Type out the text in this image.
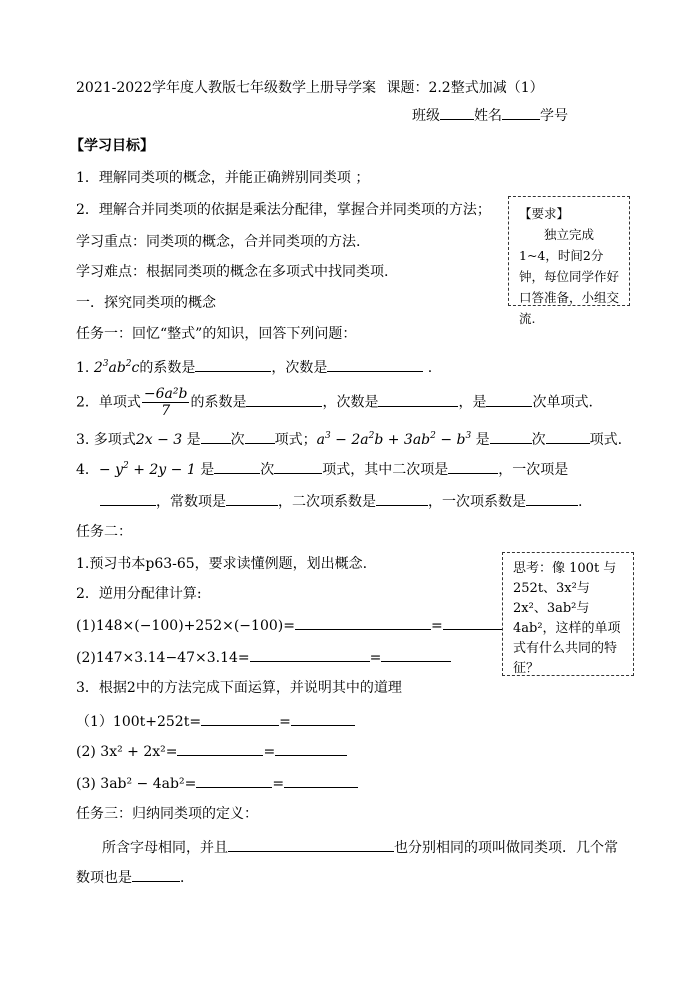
2021-2022学年度人教版七年级数学上册导学案 课题：2.2整式加减（1）
班级 姓名	学号
【学习目标】
1．理解同类项的概念，并能正确辨别同类项 ；
2．理解合并同类项的依据是乘法分配律，掌握合并同类项的方法；
学习重点：同类项的概念，合并同类项的方法.
学习难点：根据同类项的概念在多项式中找同类项.
一．探究同类项的概念
【要求】
独立完成1~4，时间2分钟，每位同学作好口答准备，小组交流.
任务一：回忆“整式”的知识，回答下列问题：
1. $2^3ab^2c$的系数是	，次数是	.
2．单项式 $\frac{\text{−6a²b}}{7}$ 的系数是	，次数是	，是	次单项式.
3. 多项式2x − 3 是 次 项式；$a^3 - 2a^2b + 3ab^2 - b^3$ 是	次	项式.
4．− $y^2 + 2y - 1$ 是	次	项式，其中二次项是	，一次项是
，常数项是	，二次项系数是	，一次项系数是	.
任务二：
1.预习书本p63-65，要求读懂例题，划出概念.
2．逆用分配律计算:
(1)148×(−100)+252×(−100)=	=
(2)147×3.14−47×3.14=	=
3．根据2中的方法完成下面运算，并说明其中的道理
（1）100t+252t=	=
(2) 3x² + 2x²=	=
(3) 3ab² − 4ab²=	=
思考：像 100t 与252t、3x²与2x²、3ab²与4ab²，这样的单项式有什么共同的特征？
任务三：归纳同类项的定义：
所含字母相同，并且	也分别相同的项叫做同类项．几个常
数项也是	．
